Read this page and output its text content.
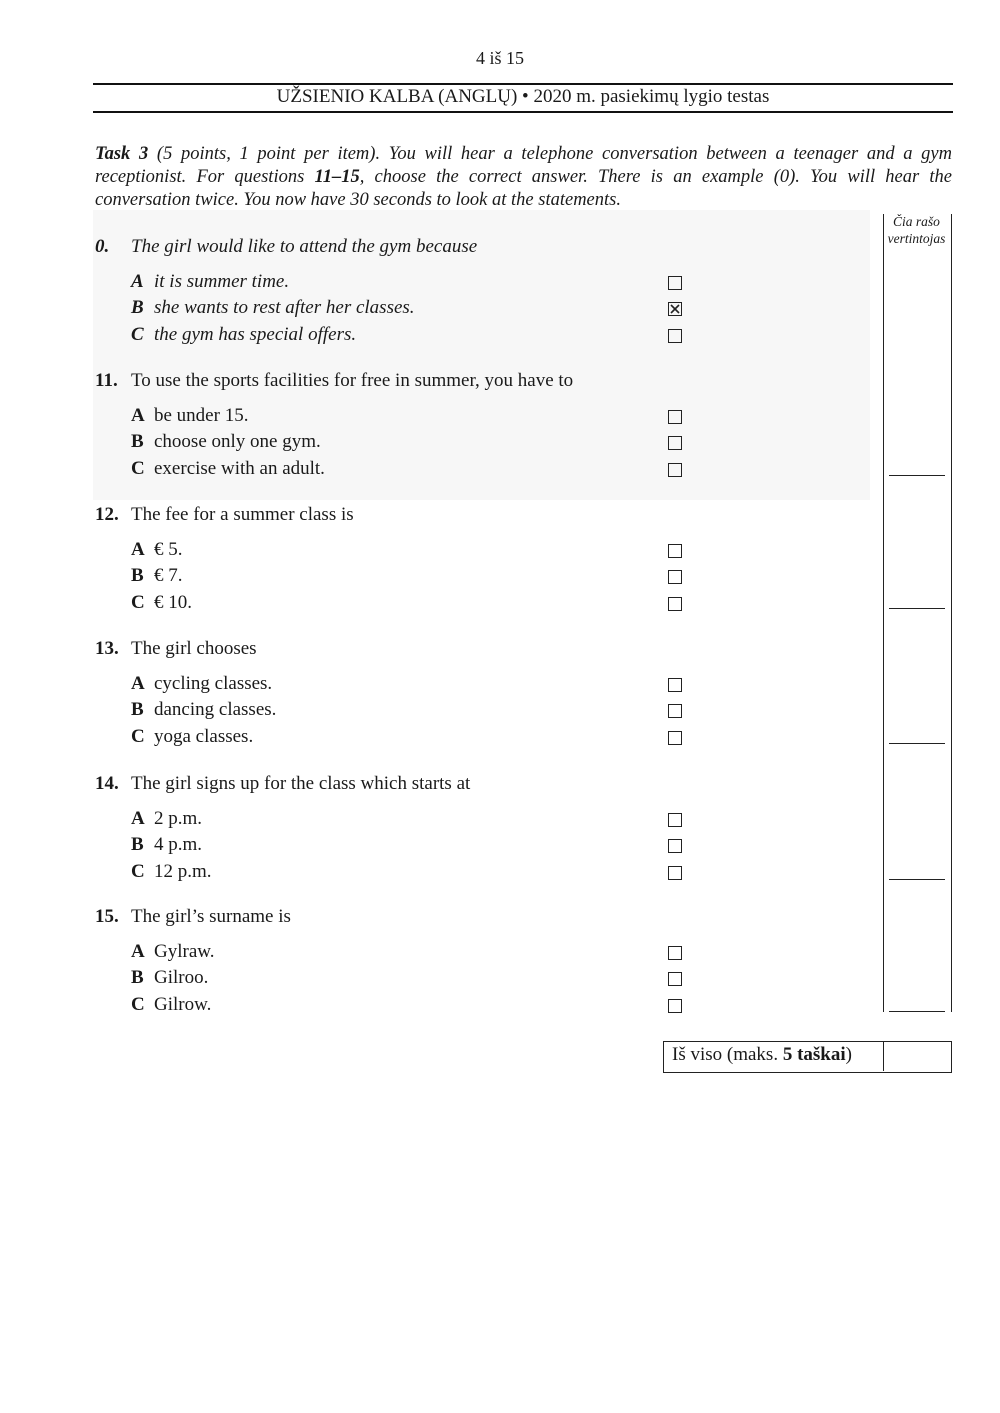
4 iš 15
UŽSIENIO KALBA (ANGLŲ) • 2020 m. pasiekimų lygio testas
Task 3 (5 points, 1 point per item). You will hear a telephone conversation between a teenager and a gym receptionist. For questions 11–15, choose the correct answer. There is an example (0). You will hear the conversation twice. You now have 30 seconds to look at the statements.
Čia rašo
vertintojas
0. The girl would like to attend the gym because
A it is summer time.
B she wants to rest after her classes.
C the gym has special offers.
11. To use the sports facilities for free in summer, you have to
A be under 15.
B choose only one gym.
C exercise with an adult.
12. The fee for a summer class is
A € 5.
B € 7.
C € 10.
13. The girl chooses
A cycling classes.
B dancing classes.
C yoga classes.
14. The girl signs up for the class which starts at
A 2 p.m.
B 4 p.m.
C 12 p.m.
15. The girl’s surname is
A Gylraw.
B Gilroo.
C Gilrow.
Iš viso (maks. 5 taškai)
